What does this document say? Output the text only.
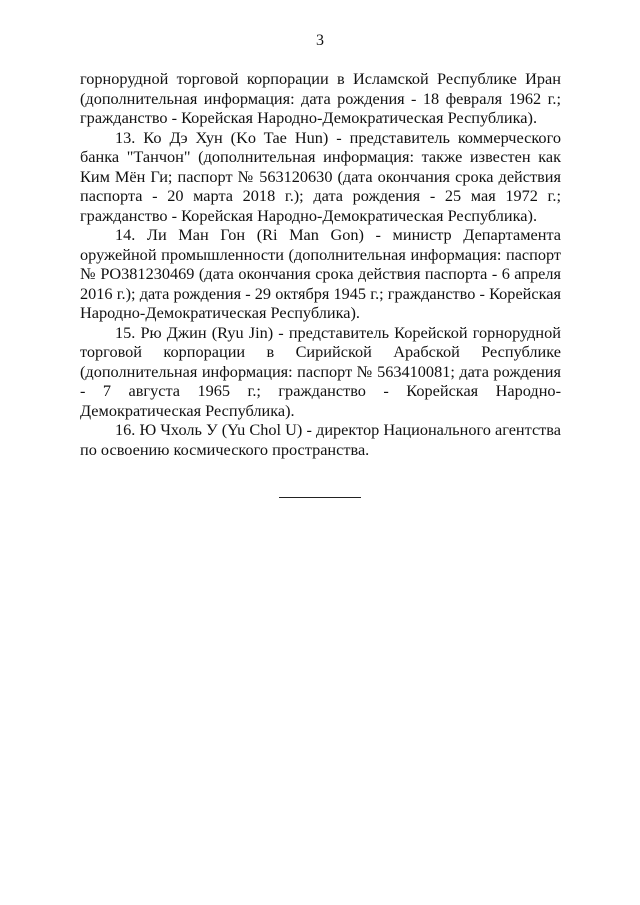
3

горнорудной торговой корпорации в Исламской Республике Иран (дополнительная информация: дата рождения - 18 февраля 1962 г.; гражданство - Корейская Народно-Демократическая Республика).

13. Ко Дэ Хун (Ko Tae Hun) - представитель коммерческого банка "Танчон" (дополнительная информация: также известен как Ким Мён Ги; паспорт № 563120630 (дата окончания срока действия паспорта - 20 марта 2018 г.); дата рождения - 25 мая 1972 г.; гражданство - Корейская Народно-Демократическая Республика).

14. Ли Ман Гон (Ri Man Gon) - министр Департамента оружейной промышленности (дополнительная информация: паспорт № PO381230469 (дата окончания срока действия паспорта - 6 апреля 2016 г.); дата рождения - 29 октября 1945 г.; гражданство - Корейская Народно-Демократическая Республика).

15. Рю Джин (Ryu Jin) - представитель Корейской горнорудной торговой корпорации в Сирийской Арабской Республике (дополнительная информация: паспорт № 563410081; дата рождения - 7 августа 1965 г.; гражданство - Корейская Народно-Демократическая Республика).

16. Ю Чхоль У (Yu Chol U) - директор Национального агентства по освоению космического пространства.
